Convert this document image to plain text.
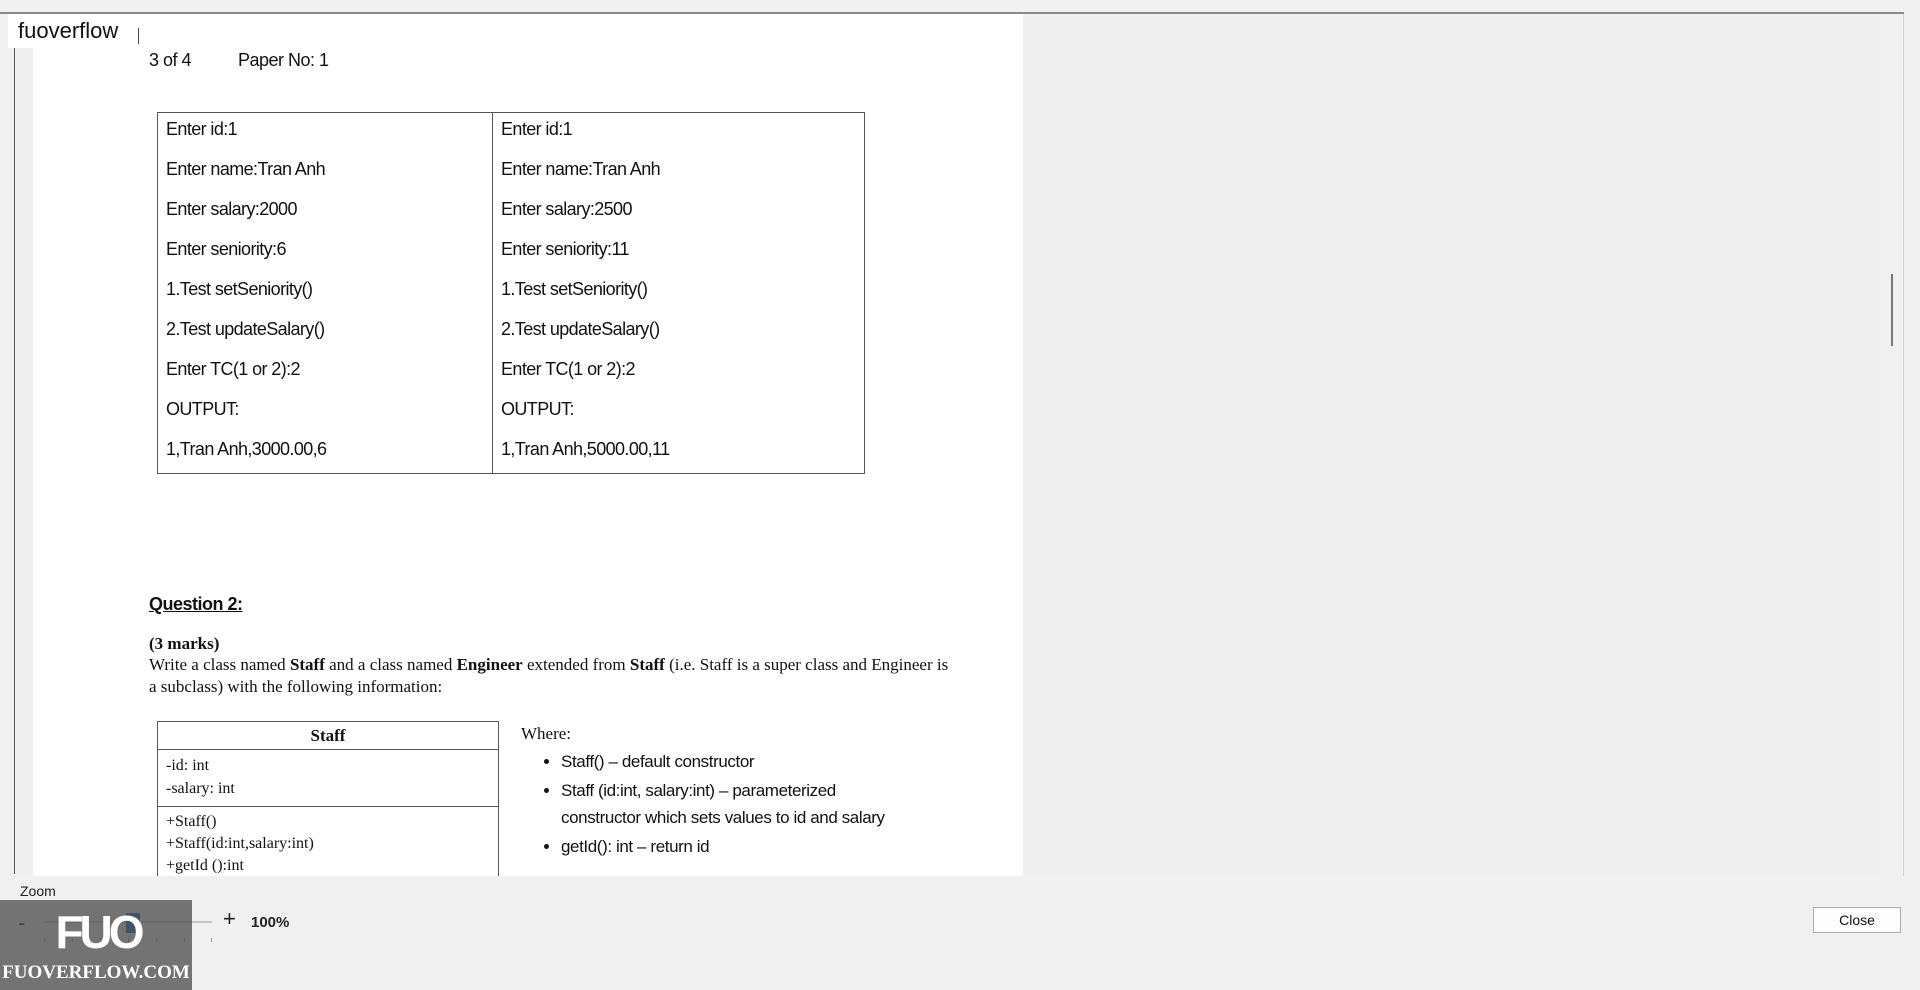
3 of 4	Paper No: 1
Enter id:1
Enter name:Tran Anh
Enter salary:2000
Enter seniority:6
1.Test setSeniority()
2.Test updateSalary()
Enter TC(1 or 2):2
OUTPUT:
1,Tran Anh,3000.00,6

Enter id:1
Enter name:Tran Anh
Enter salary:2500
Enter seniority:11
1.Test setSeniority()
2.Test updateSalary()
Enter TC(1 or 2):2
OUTPUT:
1,Tran Anh,5000.00,11
Question 2:
(3 marks)
Write a class named Staff and a class named Engineer extended from Staff (i.e. Staff is a super class and Engineer is a subclass) with the following information:
Staff
-id: int
-salary: int
+Staff()
+Staff(id:int,salary:int)
+getId ():int
Where:
• Staff() – default constructor
• Staff (id:int, salary:int) – parameterized constructor which sets values to id and salary
• getId(): int – return id
fuoverflow
Zoom
+ 100%	Close
FUO
FUOVERFLOW.COM
